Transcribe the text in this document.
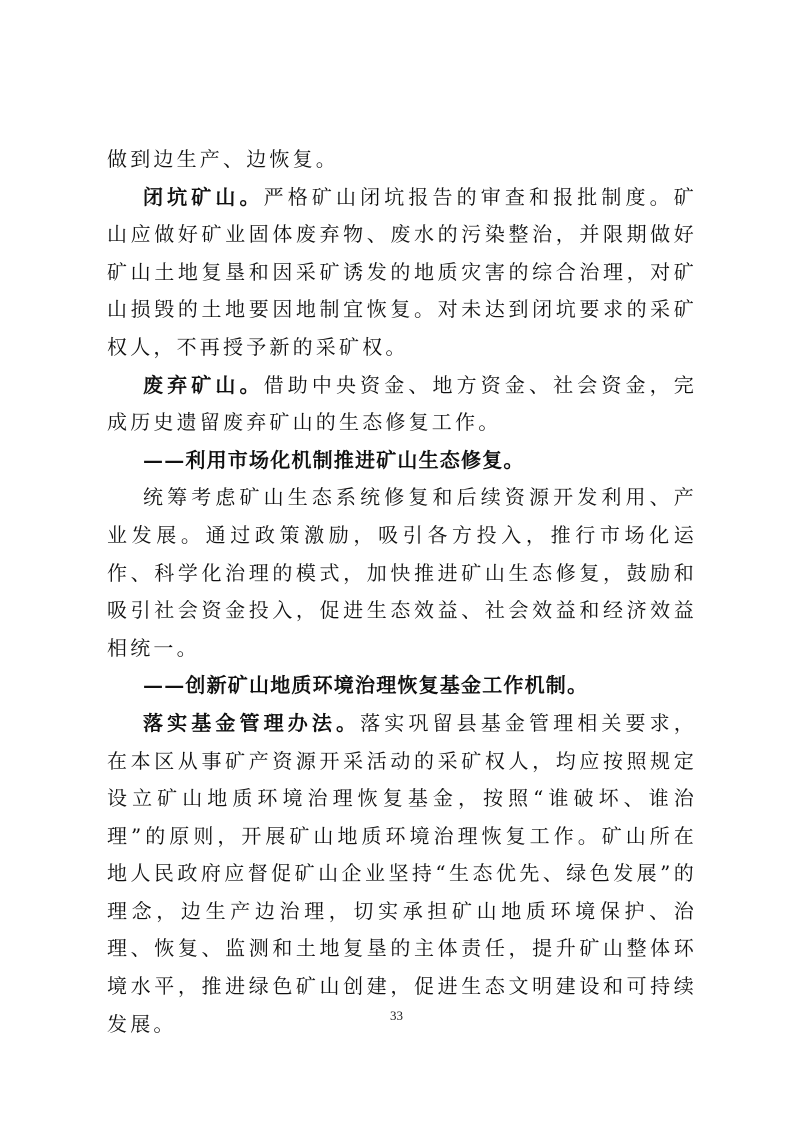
做到边生产、边恢复。

闭坑矿山。严格矿山闭坑报告的审查和报批制度。矿山应做好矿业固体废弃物、废水的污染整治，并限期做好矿山土地复垦和因采矿诱发的地质灾害的综合治理，对矿山损毁的土地要因地制宜恢复。对未达到闭坑要求的采矿权人，不再授予新的采矿权。

废弃矿山。借助中央资金、地方资金、社会资金，完成历史遗留废弃矿山的生态修复工作。

——利用市场化机制推进矿山生态修复。

统筹考虑矿山生态系统修复和后续资源开发利用、产业发展。通过政策激励，吸引各方投入，推行市场化运作、科学化治理的模式，加快推进矿山生态修复，鼓励和吸引社会资金投入，促进生态效益、社会效益和经济效益相统一。

——创新矿山地质环境治理恢复基金工作机制。

落实基金管理办法。落实巩留县基金管理相关要求，在本区从事矿产资源开采活动的采矿权人，均应按照规定设立矿山地质环境治理恢复基金，按照“谁破坏、谁治理”的原则，开展矿山地质环境治理恢复工作。矿山所在地人民政府应督促矿山企业坚持“生态优先、绿色发展”的理念，边生产边治理，切实承担矿山地质环境保护、治理、恢复、监测和土地复垦的主体责任，提升矿山整体环境水平，推进绿色矿山创建，促进生态文明建设和可持续发展。	33
